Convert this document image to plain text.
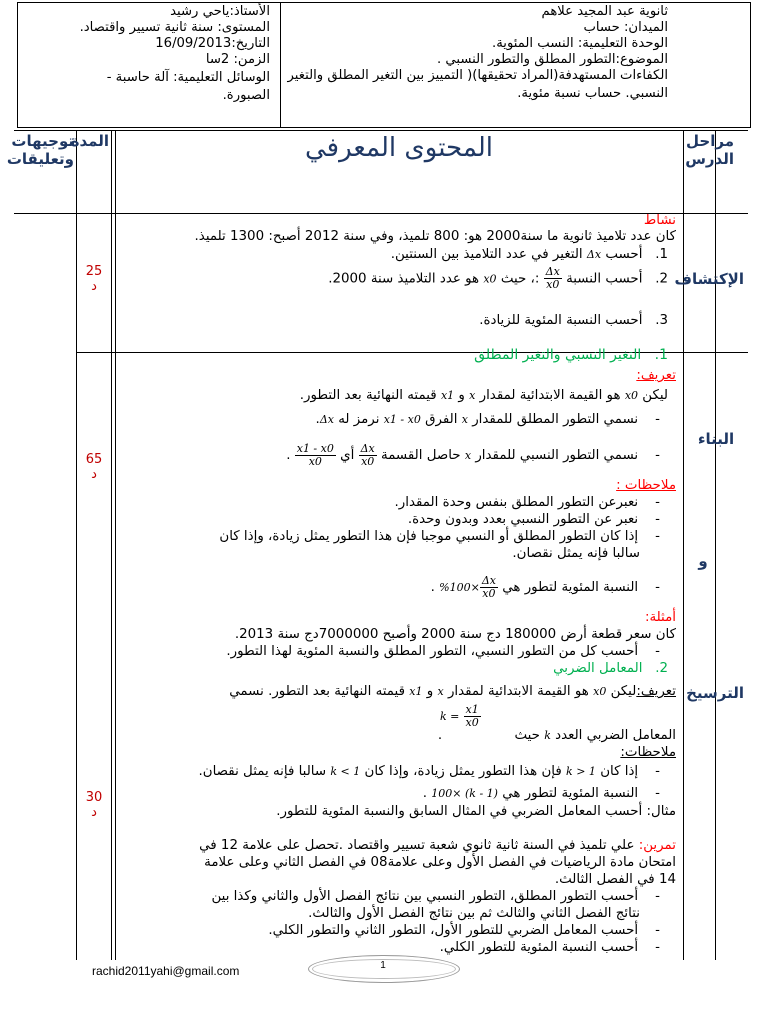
ثانوية عبد المجيد علاهم
الميدان: حساب
الوحدة التعليمية: النسب المئوية.
الموضوع:التطور المطلق والتطور النسبي .
الكفاءات المستهدفة(المراد تحقيقها)( التمييز بين التغير المطلق والتغير
النسبي. حساب نسبة مئوية.
الأستاذ:ياحي رشيد
المستوى: سنة ثانية تسيير واقتصاد.
التاريخ:16/09/2013
الزمن: 2سا
الوسائل التعليمية: آلة حاسبة -
الصبورة.
مراحل الدرس
المحتوى المعرفي
المدة
توجيهات وتعليقات
الإكتشاف
البناء
و
الترسيخ
25
د
65
د
30
د
نشاط
كان عدد تلاميذ ثانوية ما سنة2000 هو: 800 تلميذ، وفي سنة 2012 أصبح: 1300 تلميذ.
1.   أحسب Δx التغير في عدد التلاميذ بين السنتين.
2.   أحسب النسبة
$\frac{\Delta x}{x0}$
:، حيث x0 هو عدد التلاميذ سنة 2000.
3.   أحسب النسبة المئوية للزيادة.
1.   التغير النسبي والتغير المطلق
تعريف:
ليكن x0 هو القيمة الابتدائية لمقدار x و x1 قيمته النهائية بعد التطور.
-    نسمي التطور المطلق للمقدار x الفرق x1 - x0 نرمز له Δx.
-    نسمي التطور النسبي للمقدار x حاصل القسمة
$\frac{\Delta x}{x0}$
أي
$\frac{x1 - x0}{x0}$
.
ملاحظات :
-    نعبرعن التطور المطلق بنفس وحدة المقدار.
-    نعبر عن التطور النسبي بعدد وبدون وحدة.
-    إذا كان التطور المطلق أو النسبي موجبا فإن هذا التطور يمثل زيادة، وإذا كان
سالبا فإنه يمثل نقصان.
-    النسبة المئوية لتطور هي
$\frac{\Delta x}{x0}$
×100% .
أمثلة:
كان سعر قطعة أرض 180000 دج سنة 2000 وأصبح 7000000دج سنة 2013.
-    أحسب كل من التطور النسبي، التطور المطلق والنسبة المئوية لهذا التطور.
2.   المعامل الضربي
تعريف:ليكن x0 هو القيمة الابتدائية لمقدار x و x1 قيمته النهائية بعد التطور. نسمي
$k = \frac{x1}{x0}$
المعامل الضربي العدد k حيث                 .
ملاحظات:
-    إذا كان k > 1 فإن هذا التطور يمثل زيادة، وإذا كان k < 1 سالبا فإنه يمثل نقصان.
-    النسبة المئوية لتطور هي (k - 1) ×100 .
مثال: أحسب المعامل الضربي في المثال السابق والنسبة المئوية للتطور.
تمرين: علي تلميذ في السنة ثانية ثانوي شعبة تسيير واقتصاد .تحصل على علامة 12 في
امتحان مادة الرياضيات في الفصل الأول وعلى علامة08 في الفصل الثاني وعلى علامة
14 في الفصل الثالث.
-    أحسب التطور المطلق، التطور النسبي بين نتائج الفصل الأول والثاني وكذا بين
نتائج الفصل الثاني والثالث ثم بين نتائج الفصل الأول والثالث.
-    أحسب المعامل الضربي للتطور الأول، التطور الثاني والتطور الكلي.
-    أحسب النسبة المئوية للتطور الكلي.
rachid2011yahi@gmail.com	1
